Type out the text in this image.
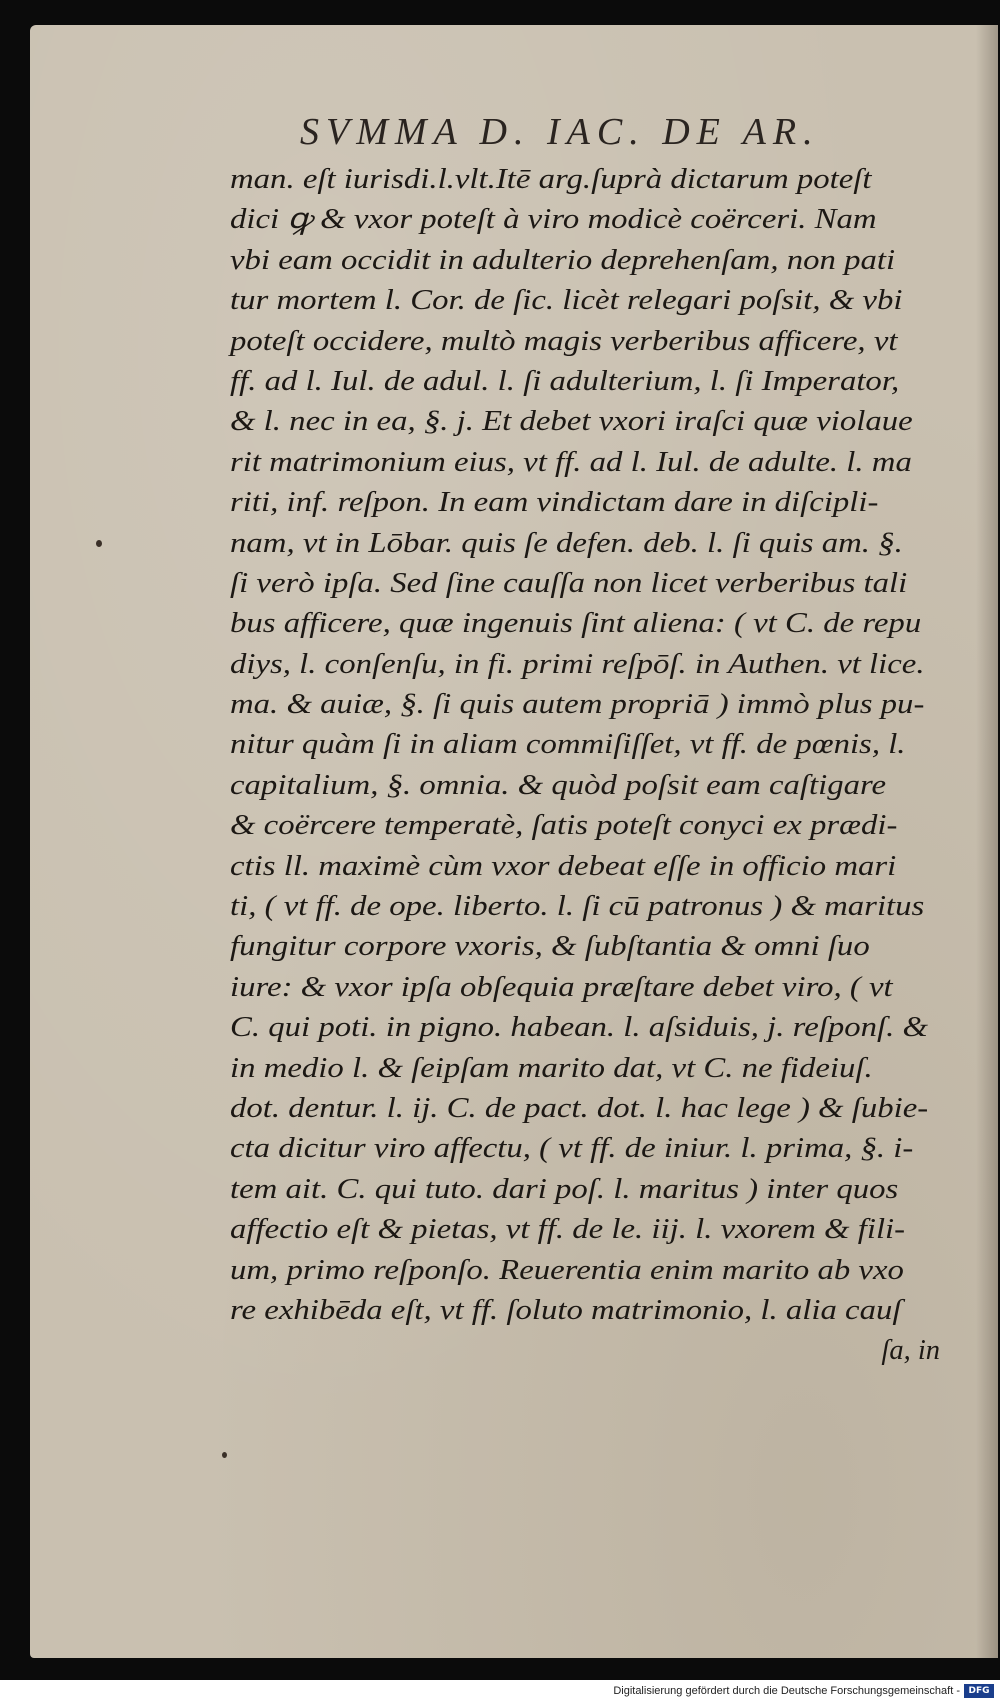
SVMMA D. IAC. DE AR.
man. eſt iurisdi.l.vlt.Itē arg.ſuprà dictarum poteſt
dici ꝙ & vxor poteſt à viro modicè coërceri. Nam
vbi eam occidit in adulterio deprehenſam, non pati
tur mortem l. Cor. de ſic. licèt relegari poſsit, & vbi
poteſt occidere, multò magis verberibus afficere, vt
ff. ad l. Iul. de adul. l. ſi adulterium, l. ſi Imperator,
& l. nec in ea, §. j. Et debet vxori iraſci quæ violaue
rit matrimonium eius, vt ff. ad l. Iul. de adulte. l. ma
riti, inf. reſpon. In eam vindictam dare in diſcipli-
nam, vt in Lōbar. quis ſe defen. deb. l. ſi quis am. §.
ſi verò ipſa. Sed ſine cauſſa non licet verberibus tali
bus afficere, quæ ingenuis ſint aliena: ( vt C. de repu
diys, l. conſenſu, in fi. primi reſpōſ. in Authen. vt lice.
ma. & auiæ, §. ſi quis autem propriā ) immò plus pu-
nitur quàm ſi in aliam commiſiſſet, vt ff. de pœnis, l.
capitalium, §. omnia. & quòd poſsit eam caſtigare
& coërcere temperatè, ſatis poteſt conyci ex prædi-
ctis ll. maximè cùm vxor debeat eſſe in officio mari
ti, ( vt ff. de ope. liberto. l. ſi cū patronus ) & maritus
fungitur corpore vxoris, & ſubſtantia & omni ſuo
iure: & vxor ipſa obſequia præſtare debet viro, ( vt
C. qui poti. in pigno. habean. l. aſsiduis, j. reſponſ. &
in medio l. & ſeipſam marito dat, vt C. ne fideiuſ.
dot. dentur. l. ij. C. de pact. dot. l. hac lege ) & ſubie-
cta dicitur viro affectu, ( vt ff. de iniur. l. prima, §. i-
tem ait. C. qui tuto. dari poſ. l. maritus ) inter quos
affectio eſt & pietas, vt ff. de le. iij. l. vxorem & fili-
um, primo reſponſo. Reuerentia enim marito ab vxo
re exhibēda eſt, vt ff. ſoluto matrimonio, l. alia cauſ
ſa, in
Digitalisierung gefördert durch die Deutsche Forschungsgemeinschaft - DFG
